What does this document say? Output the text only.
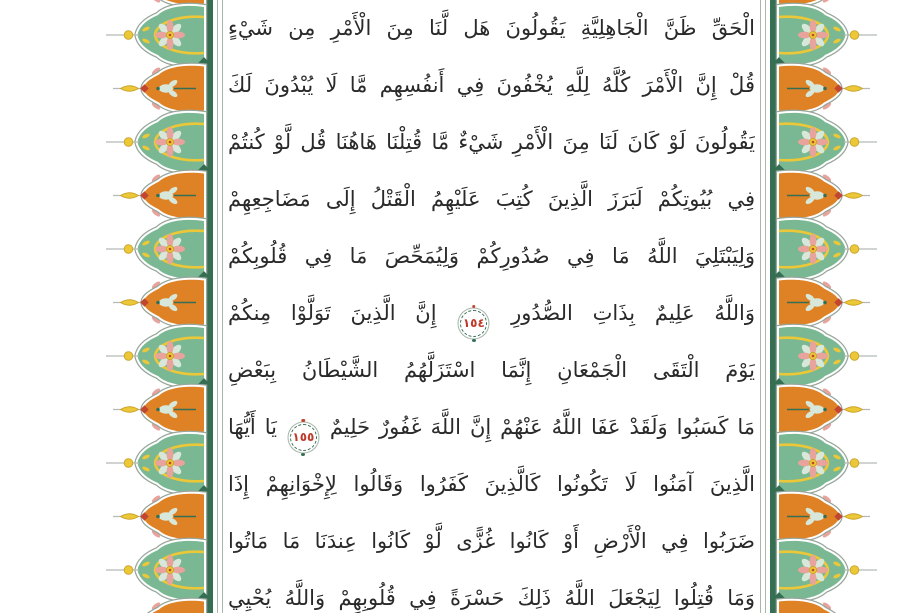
الْحَقِّ ظَنَّ الْجَاهِلِيَّةِ يَقُولُونَ هَل لَّنَا مِنَ الْأَمْرِ مِن شَيْءٍ
قُلْ إِنَّ الْأَمْرَ كُلَّهُ لِلَّهِ يُخْفُونَ فِي أَنفُسِهِم مَّا لَا يُبْدُونَ لَكَ
يَقُولُونَ لَوْ كَانَ لَنَا مِنَ الْأَمْرِ شَيْءٌ مَّا قُتِلْنَا هَاهُنَا قُل لَّوْ كُنتُمْ
فِي بُيُوتِكُمْ لَبَرَزَ الَّذِينَ كُتِبَ عَلَيْهِمُ الْقَتْلُ إِلَى مَضَاجِعِهِمْ
وَلِيَبْتَلِيَ اللَّهُ مَا فِي صُدُورِكُمْ وَلِيُمَحِّصَ مَا فِي قُلُوبِكُمْ
وَاللَّهُ عَلِيمٌ بِذَاتِ الصُّدُورِ
١٥٤
إِنَّ الَّذِينَ تَوَلَّوْا مِنكُمْ
يَوْمَ الْتَقَى الْجَمْعَانِ إِنَّمَا اسْتَزَلَّهُمُ الشَّيْطَانُ بِبَعْضِ
مَا كَسَبُوا وَلَقَدْ عَفَا اللَّهُ عَنْهُمْ إِنَّ اللَّهَ غَفُورٌ حَلِيمٌ
١٥٥
يَا أَيُّهَا
الَّذِينَ آمَنُوا لَا تَكُونُوا كَالَّذِينَ كَفَرُوا وَقَالُوا لِإِخْوَانِهِمْ إِذَا
ضَرَبُوا فِي الْأَرْضِ أَوْ كَانُوا غُزًّى لَّوْ كَانُوا عِندَنَا مَا مَاتُوا
وَمَا قُتِلُوا لِيَجْعَلَ اللَّهُ ذَلِكَ حَسْرَةً فِي قُلُوبِهِمْ وَاللَّهُ يُحْيِي
